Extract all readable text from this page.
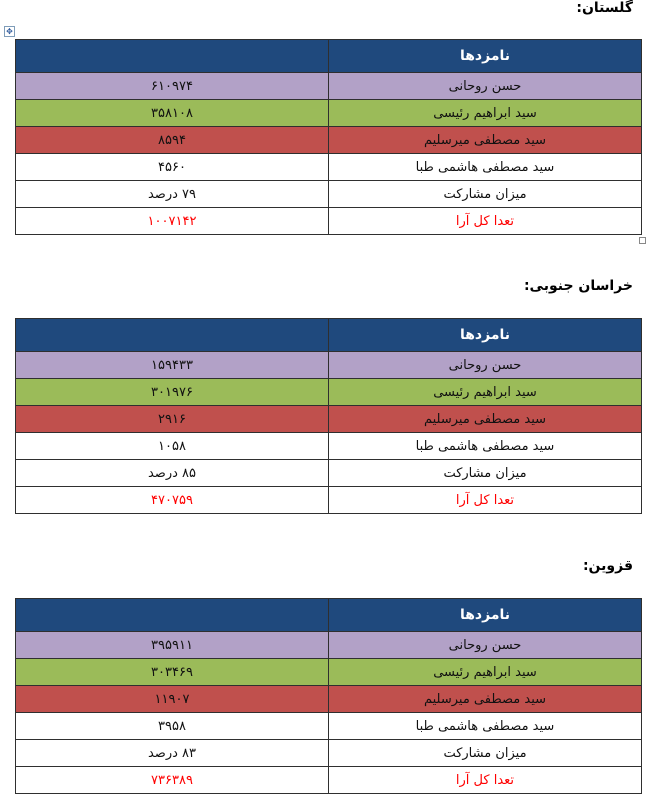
✥
گلستان:
نامزدها	
حسن روحانی	۶۱۰۹۷۴
سید ابراهیم رئیسی	۳۵۸۱۰۸
سید مصطفی میرسلیم	۸۵۹۴
سید مصطفی هاشمی طبا	۴۵۶۰
میزان مشارکت	۷۹ درصد
تعدا کل آرا	۱۰۰۷۱۴۲
خراسان جنوبی:
نامزدها	
حسن روحانی	۱۵۹۴۳۳
سید ابراهیم رئیسی	۳۰۱۹۷۶
سید مصطفی میرسلیم	۲۹۱۶
سید مصطفی هاشمی طبا	۱۰۵۸
میزان مشارکت	۸۵ درصد
تعدا کل آرا	۴۷۰۷۵۹
قزوین:
نامزدها	
حسن روحانی	۳۹۵۹۱۱
سید ابراهیم رئیسی	۳۰۳۴۶۹
سید مصطفی میرسلیم	۱۱۹۰۷
سید مصطفی هاشمی طبا	۳۹۵۸
میزان مشارکت	۸۳ درصد
تعدا کل آرا	۷۳۶۳۸۹
